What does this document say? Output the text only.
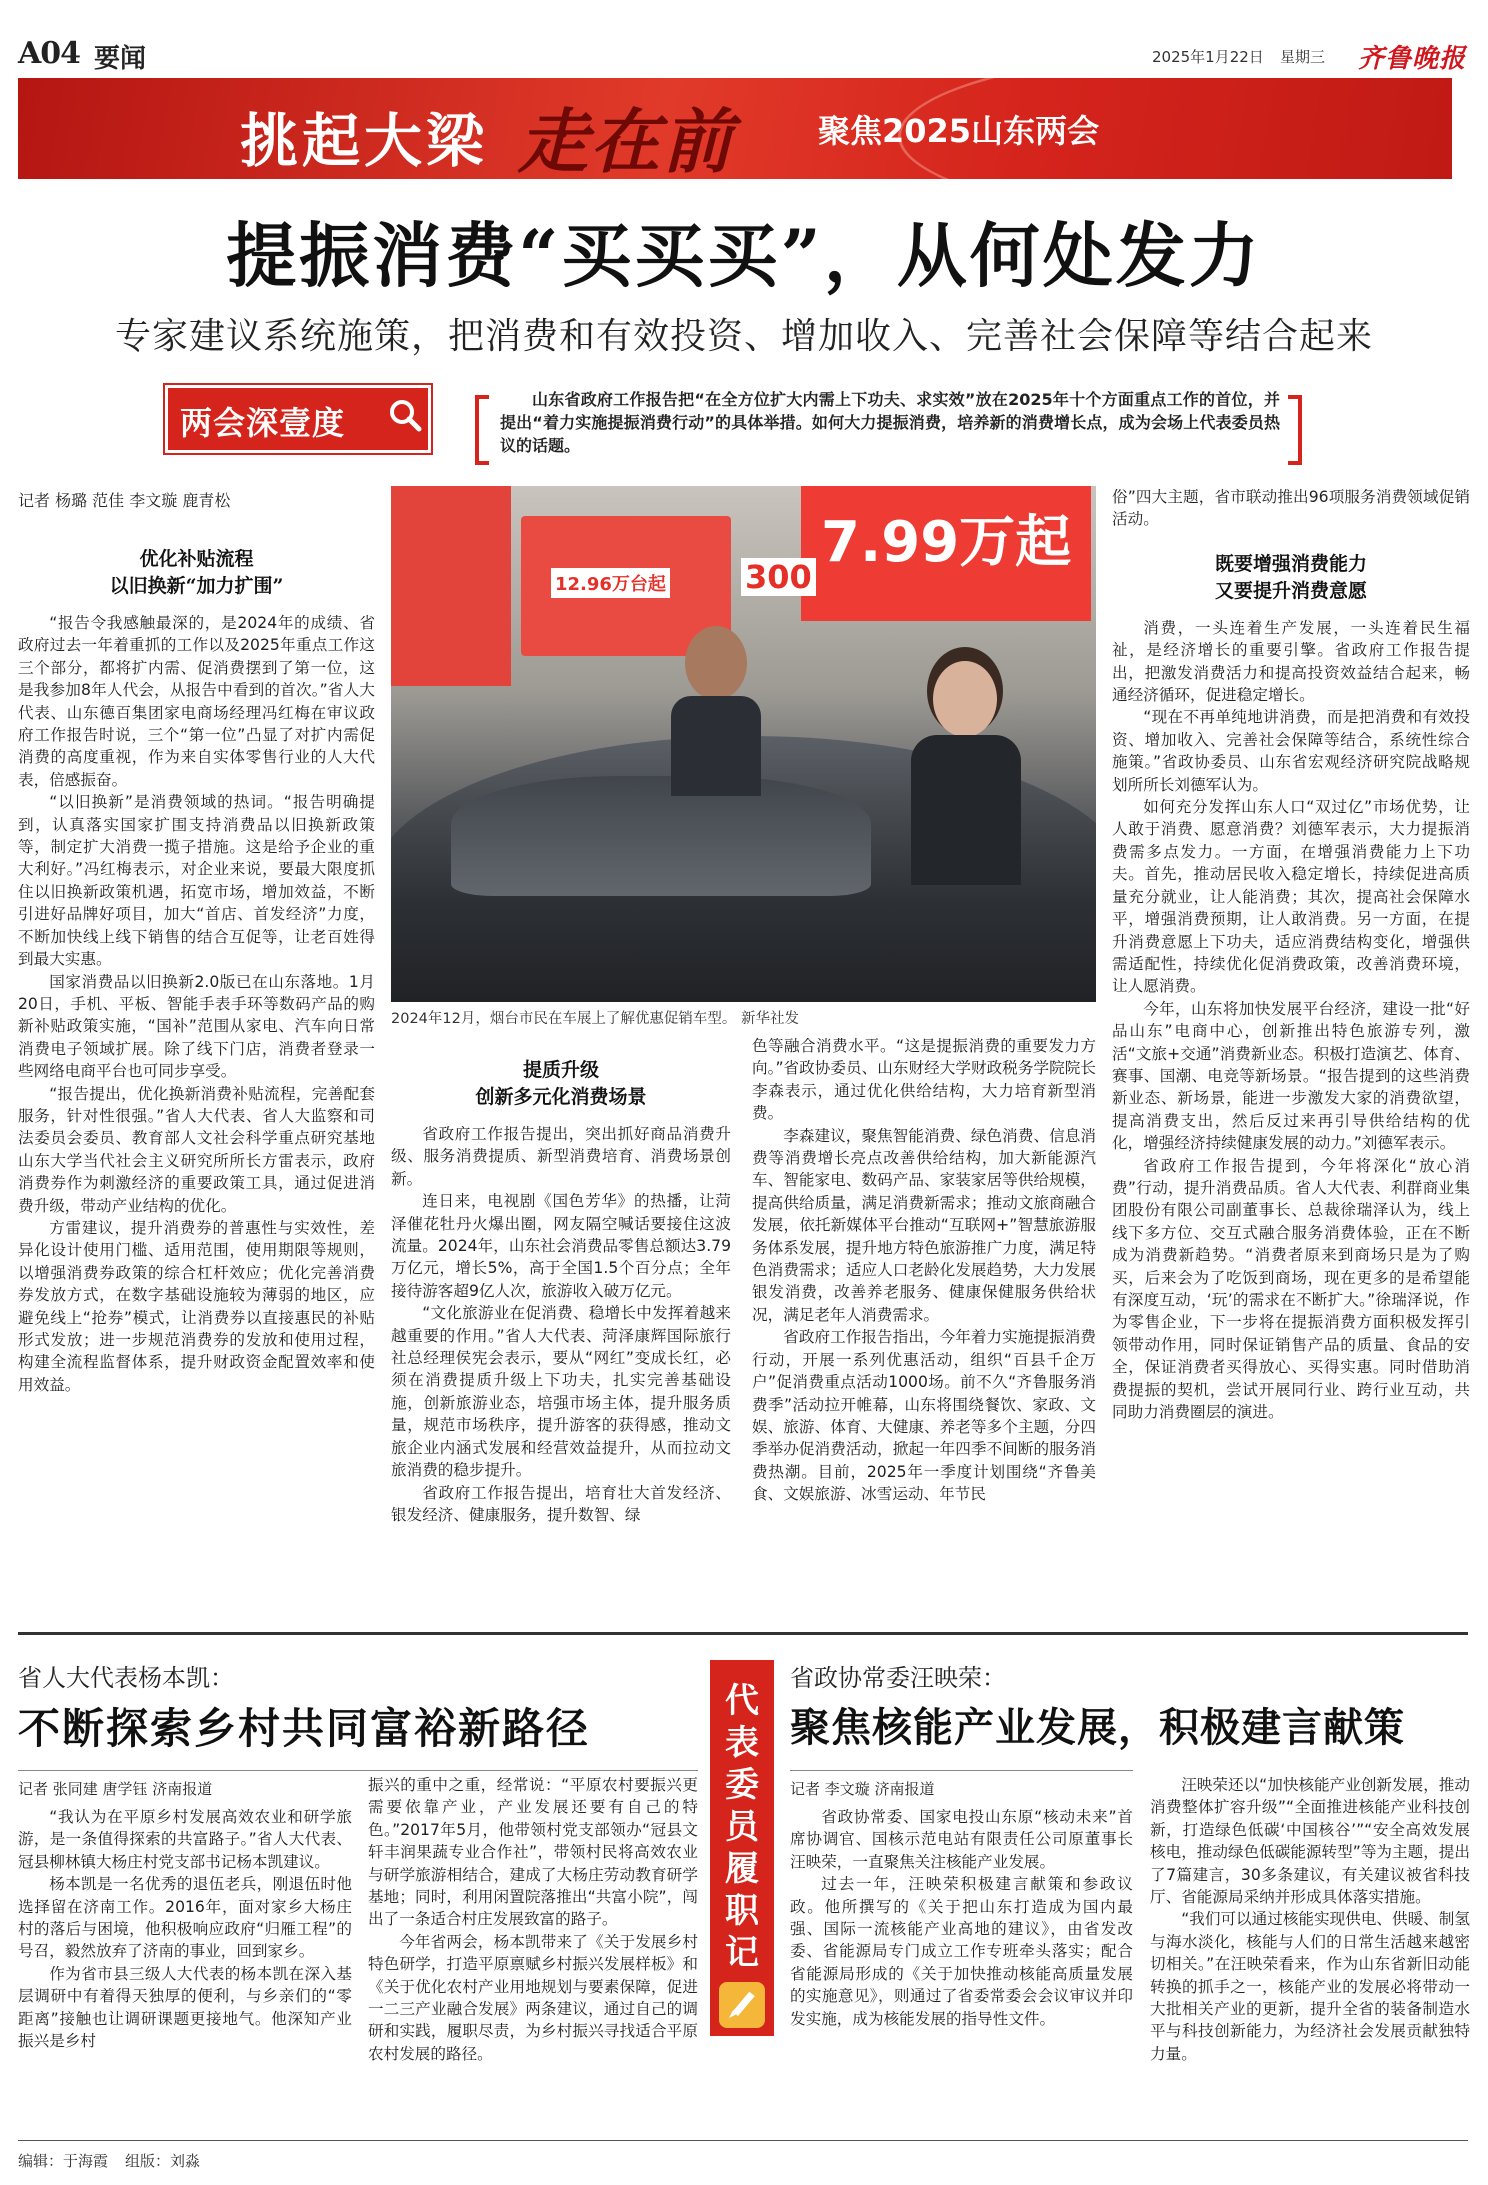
A04 要闻	2025年1月22日 星期三 齐鲁晚报
挑起大梁 走在前	聚焦2025山东两会
提振消费“买买买”，从何处发力
专家建议系统施策，把消费和有效投资、增加收入、完善社会保障等结合起来
两会深壹度
山东省政府工作报告把“在全方位扩大内需上下功夫、求实效”放在2025年十个方面重点工作的首位，并提出“着力实施提振消费行动”的具体举措。如何大力提振消费，培养新的消费增长点，成为会场上代表委员热议的话题。
记者 杨璐 范佳 李文璇 鹿青松
7.99万起
12.96万台起 300
2024年12月，烟台市民在车展上了解优惠促销车型。 新华社发
优化补贴流程
以旧换新“加力扩围”

“报告令我感触最深的，是2024年的成绩、省政府过去一年着重抓的工作以及2025年重点工作这三个部分，都将扩内需、促消费摆到了第一位，这是我参加8年人代会，从报告中看到的首次。”省人大代表、山东德百集团家电商场经理冯红梅在审议政府工作报告时说，三个“第一位”凸显了对扩内需促消费的高度重视，作为来自实体零售行业的人大代表，倍感振奋。

“以旧换新”是消费领域的热词。“报告明确提到，认真落实国家扩围支持消费品以旧换新政策等，制定扩大消费一揽子措施。这是给予企业的重大利好。”冯红梅表示，对企业来说，要最大限度抓住以旧换新政策机遇，拓宽市场，增加效益，不断引进好品牌好项目，加大“首店、首发经济”力度，不断加快线上线下销售的结合互促等，让老百姓得到最大实惠。

国家消费品以旧换新2.0版已在山东落地。1月20日，手机、平板、智能手表手环等数码产品的购新补贴政策实施，“国补”范围从家电、汽车向日常消费电子领域扩展。除了线下门店，消费者登录一些网络电商平台也可同步享受。

“报告提出，优化换新消费补贴流程，完善配套服务，针对性很强。”省人大代表、省人大监察和司法委员会委员、教育部人文社会科学重点研究基地山东大学当代社会主义研究所所长方雷表示，政府消费券作为刺激经济的重要政策工具，通过促进消费升级，带动产业结构的优化。

方雷建议，提升消费券的普惠性与实效性，差异化设计使用门槛、适用范围，使用期限等规则，以增强消费券政策的综合杠杆效应；优化完善消费券发放方式，在数字基础设施较为薄弱的地区，应避免线上“抢券”模式，让消费券以直接惠民的补贴形式发放；进一步规范消费券的发放和使用过程，构建全流程监督体系，提升财政资金配置效率和使用效益。

提质升级
创新多元化消费场景

省政府工作报告提出，突出抓好商品消费升级、服务消费提质、新型消费培育、消费场景创新。

连日来，电视剧《国色芳华》的热播，让菏泽催花牡丹火爆出圈，网友隔空喊话要接住这波流量。2024年，山东社会消费品零售总额达3.79万亿元，增长5%，高于全国1.5个百分点；全年接待游客超9亿人次，旅游收入破万亿元。

“文化旅游业在促消费、稳增长中发挥着越来越重要的作用。”省人大代表、菏泽康辉国际旅行社总经理侯宪会表示，要从“网红”变成长红，必须在消费提质升级上下功夫，扎实完善基础设施，创新旅游业态，培强市场主体，提升服务质量，规范市场秩序，提升游客的获得感，推动文旅企业内涵式发展和经营效益提升，从而拉动文旅消费的稳步提升。

省政府工作报告提出，培育壮大首发经济、银发经济、健康服务，提升数智、绿

色等融合消费水平。“这是提振消费的重要发力方向。”省政协委员、山东财经大学财政税务学院院长李森表示，通过优化供给结构，大力培育新型消费。

李森建议，聚焦智能消费、绿色消费、信息消费等消费增长亮点改善供给结构，加大新能源汽车、智能家电、数码产品、家装家居等供给规模，提高供给质量，满足消费新需求；推动文旅商融合发展，依托新媒体平台推动“互联网+”智慧旅游服务体系发展，提升地方特色旅游推广力度，满足特色消费需求；适应人口老龄化发展趋势，大力发展银发消费，改善养老服务、健康保健服务供给状况，满足老年人消费需求。

省政府工作报告指出，今年着力实施提振消费行动，开展一系列优惠活动，组织“百县千企万户”促消费重点活动1000场。前不久“齐鲁服务消费季”活动拉开帷幕，山东将围绕餐饮、家政、文娱、旅游、体育、大健康、养老等多个主题，分四季举办促消费活动，掀起一年四季不间断的服务消费热潮。目前，2025年一季度计划围绕“齐鲁美食、文娱旅游、冰雪运动、年节民

俗”四大主题，省市联动推出96项服务消费领域促销活动。

既要增强消费能力
又要提升消费意愿

消费，一头连着生产发展，一头连着民生福祉，是经济增长的重要引擎。省政府工作报告提出，把激发消费活力和提高投资效益结合起来，畅通经济循环，促进稳定增长。

“现在不再单纯地讲消费，而是把消费和有效投资、增加收入、完善社会保障等结合，系统性综合施策。”省政协委员、山东省宏观经济研究院战略规划所所长刘德军认为。

如何充分发挥山东人口“双过亿”市场优势，让人敢于消费、愿意消费？刘德军表示，大力提振消费需多点发力。一方面，在增强消费能力上下功夫。首先，推动居民收入稳定增长，持续促进高质量充分就业，让人能消费；其次，提高社会保障水平，增强消费预期，让人敢消费。另一方面，在提升消费意愿上下功夫，适应消费结构变化，增强供需适配性，持续优化促消费政策，改善消费环境，让人愿消费。

今年，山东将加快发展平台经济，建设一批“好品山东”电商中心，创新推出特色旅游专列，激活“文旅+交通”消费新业态。积极打造演艺、体育、赛事、国潮、电竞等新场景。“报告提到的这些消费新业态、新场景，能进一步激发大家的消费欲望，提高消费支出，然后反过来再引导供给结构的优化，增强经济持续健康发展的动力。”刘德军表示。

省政府工作报告提到，今年将深化“放心消费”行动，提升消费品质。省人大代表、利群商业集团股份有限公司副董事长、总裁徐瑞泽认为，线上线下多方位、交互式融合服务消费体验，正在不断成为消费新趋势。“消费者原来到商场只是为了购买，后来会为了吃饭到商场，现在更多的是希望能有深度互动，‘玩’的需求在不断扩大。”徐瑞泽说，作为零售企业，下一步将在提振消费方面积极发挥引领带动作用，同时保证销售产品的质量、食品的安全，保证消费者买得放心、买得实惠。同时借助消费提振的契机，尝试开展同行业、跨行业互动，共同助力消费圈层的演进。

省人大代表杨本凯：
不断探索乡村共同富裕新路径
记者 张同建 唐学钰 济南报道

“我认为在平原乡村发展高效农业和研学旅游，是一条值得探索的共富路子。”省人大代表、冠县柳林镇大杨庄村党支部书记杨本凯建议。

杨本凯是一名优秀的退伍老兵，刚退伍时他选择留在济南工作。2016年，面对家乡大杨庄村的落后与困境，他积极响应政府“归雁工程”的号召，毅然放弃了济南的事业，回到家乡。

作为省市县三级人大代表的杨本凯在深入基层调研中有着得天独厚的便利，与乡亲们的“零距离”接触也让调研课题更接地气。他深知产业振兴是乡村

振兴的重中之重，经常说：“平原农村要振兴更需要依靠产业，产业发展还要有自己的特色。”2017年5月，他带领村党支部领办“冠县文轩丰润果蔬专业合作社”，带领村民将高效农业与研学旅游相结合，建成了大杨庄劳动教育研学基地；同时，利用闲置院落推出“共富小院”，闯出了一条适合村庄发展致富的路子。

今年省两会，杨本凯带来了《关于发展乡村特色研学，打造平原禀赋乡村振兴发展样板》和《关于优化农村产业用地规划与要素保障，促进一二三产业融合发展》两条建议，通过自己的调研和实践，履职尽责，为乡村振兴寻找适合平原农村发展的路径。

代表委员履职记
省政协常委汪映荣：
聚焦核能产业发展，积极建言献策
记者 李文璇 济南报道

省政协常委、国家电投山东原“核动未来”首席协调官、国核示范电站有限责任公司原董事长汪映荣，一直聚焦关注核能产业发展。

过去一年，汪映荣积极建言献策和参政议政。他所撰写的《关于把山东打造成为国内最强、国际一流核能产业高地的建议》，由省发改委、省能源局专门成立工作专班牵头落实；配合省能源局形成的《关于加快推动核能高质量发展的实施意见》，则通过了省委常委会会议审议并印发实施，成为核能发展的指导性文件。

汪映荣还以“加快核能产业创新发展，推动消费整体扩容升级”“全面推进核能产业科技创新，打造绿色低碳‘中国核谷’”“安全高效发展核电，推动绿色低碳能源转型”等为主题，提出了7篇建言，30多条建议，有关建议被省科技厅、省能源局采纳并形成具体落实措施。

“我们可以通过核能实现供电、供暖、制氢与海水淡化，核能与人们的日常生活越来越密切相关。”在汪映荣看来，作为山东省新旧动能转换的抓手之一，核能产业的发展必将带动一大批相关产业的更新，提升全省的装备制造水平与科技创新能力，为经济社会发展贡献独特力量。

编辑：于海霞 组版：刘淼
